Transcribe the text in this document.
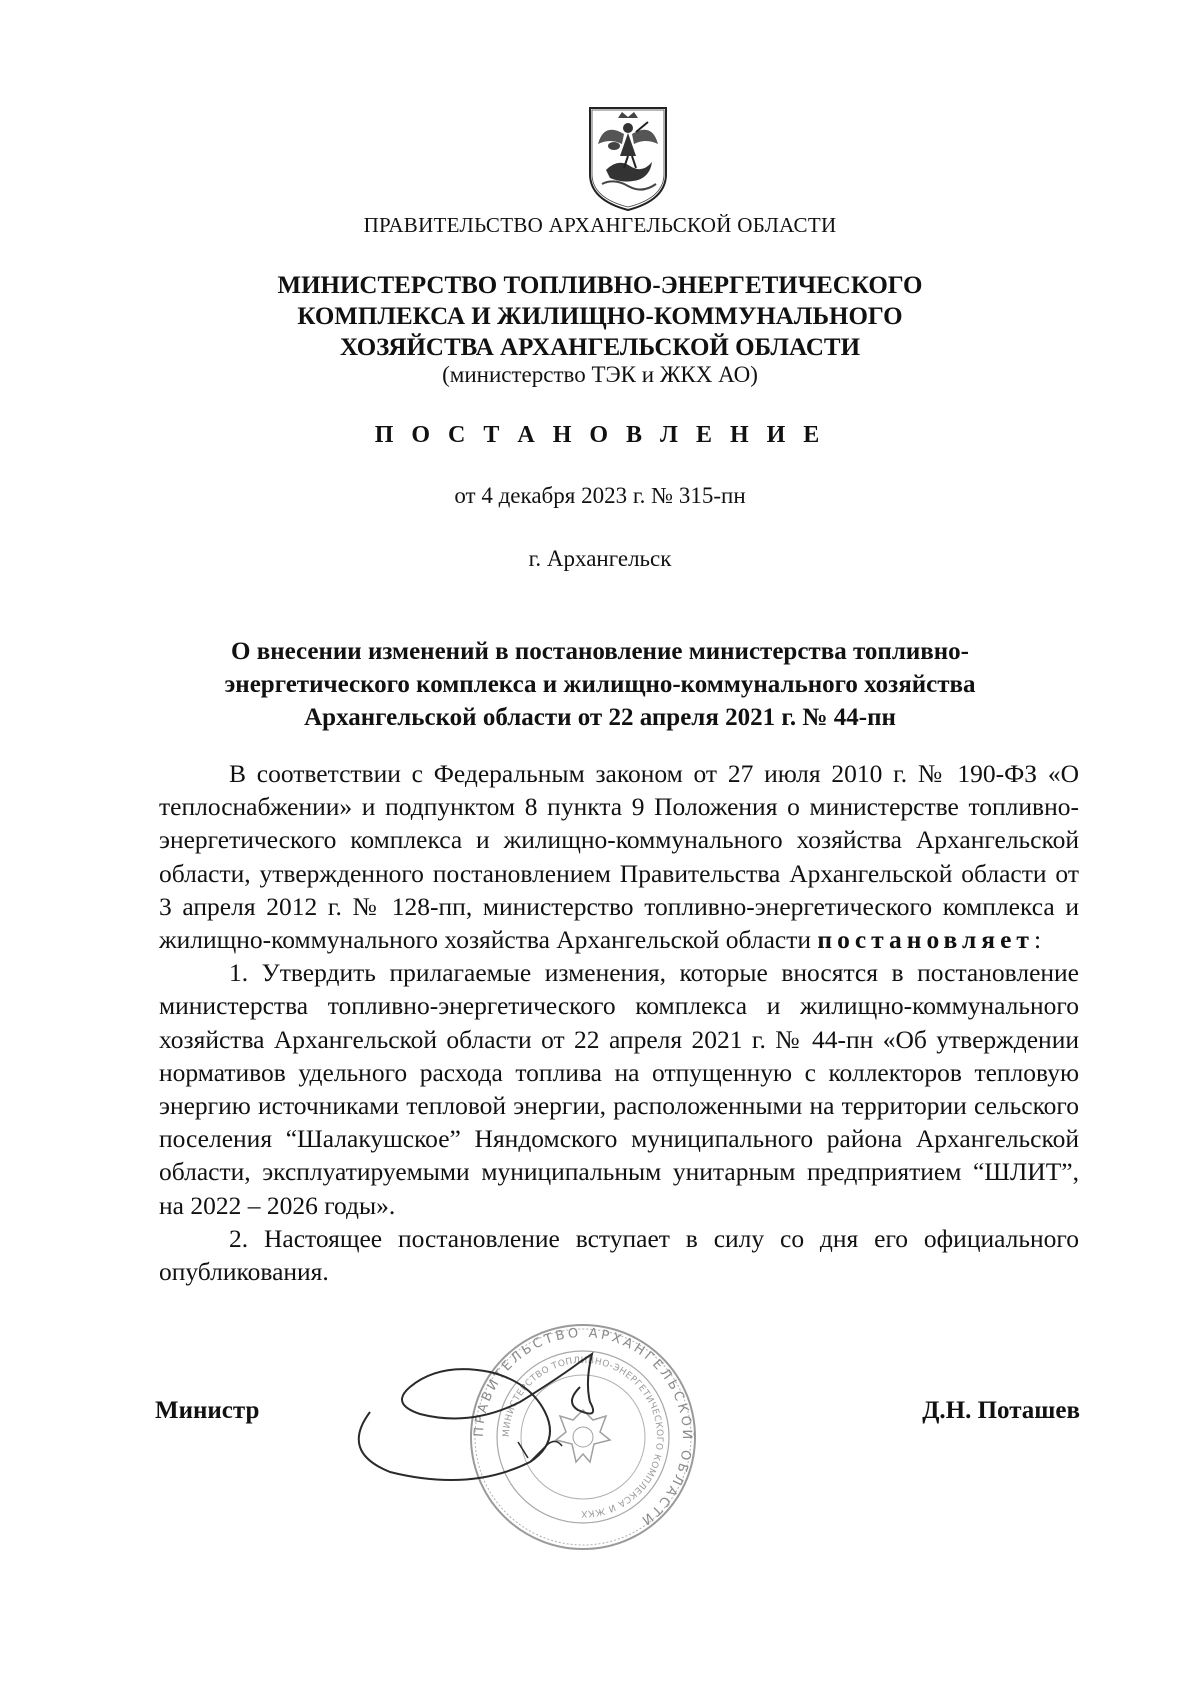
ПРАВИТЕЛЬСТВО АРХАНГЕЛЬСКОЙ ОБЛАСТИ
МИНИСТЕРСТВО ТОПЛИВНО-ЭНЕРГЕТИЧЕСКОГО
КОМПЛЕКСА И ЖИЛИЩНО-КОММУНАЛЬНОГО
ХОЗЯЙСТВА АРХАНГЕЛЬСКОЙ ОБЛАСТИ
(министерство ТЭК и ЖКХ АО)
П О С Т А Н О В Л Е Н И Е
от 4 декабря 2023 г. № 315-пн
г. Архангельск
О внесении изменений в постановление министерства топливно-
энергетического комплекса и жилищно-коммунального хозяйства
Архангельской области от 22 апреля 2021 г. № 44-пн

В соответствии с Федеральным законом от 27 июля 2010 г. № 190-ФЗ «О теплоснабжении» и подпунктом 8 пункта 9 Положения о министерстве топливно-энергетического комплекса и жилищно-коммунального хозяйства Архангельской области, утвержденного постановлением Правительства Архангельской области от 3 апреля 2012 г. № 128-пп, министерство топливно-энергетического комплекса и жилищно-коммунального хозяйства Архангельской области постановляет:

1. Утвердить прилагаемые изменения, которые вносятся в постановление министерства топливно-энергетического комплекса и жилищно-коммунального хозяйства Архангельской области от 22 апреля 2021 г. № 44-пн «Об утверждении нормативов удельного расхода топлива на отпущенную с коллекторов тепловую энергию источниками тепловой энергии, расположенными на территории сельского поселения “Шалакушское” Няндомского муниципального района Архангельской области, эксплуатируемыми муниципальным унитарным предприятием “ШЛИТ”, на 2022 – 2026 годы».

2. Настоящее постановление вступает в силу со дня его официального опубликования.

Министр	Д.Н. Поташев
ПРАВИТЕЛЬСТВО АРХАНГЕЛЬСКОЙ ОБЛАСТИ
МИНИСТЕРСТВО ТОПЛИВНО-ЭНЕРГЕТИЧЕСКОГО КОМПЛЕКСА И ЖКХ
